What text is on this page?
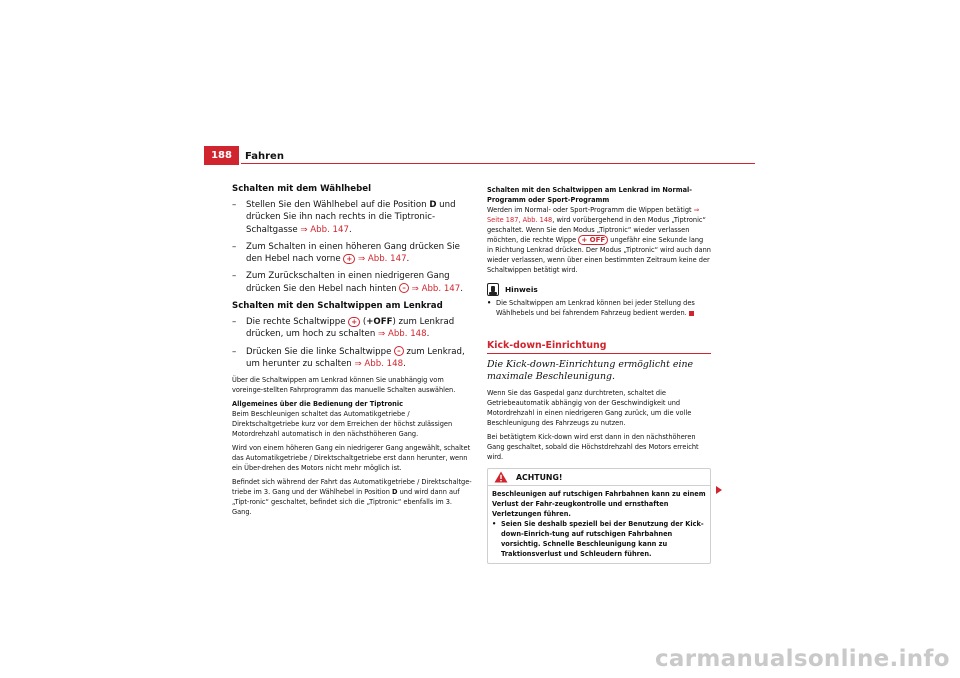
188	Fahren
Schalten mit dem Wählhebel
– Stellen Sie den Wählhebel auf die Position D und drücken Sie ihn nach rechts in die Tiptronic-Schaltgasse ⇒ Abb. 147.
– Zum Schalten in einen höheren Gang drücken Sie den Hebel nach vorne + ⇒ Abb. 147.
– Zum Zurückschalten in einen niedrigeren Gang drücken Sie den Hebel nach hinten – ⇒ Abb. 147.
Schalten mit den Schaltwippen am Lenkrad
– Die rechte Schaltwippe + (+OFF) zum Lenkrad drücken, um hoch zu schalten ⇒ Abb. 148.
– Drücken Sie die linke Schaltwippe – zum Lenkrad, um herunter zu schalten ⇒ Abb. 148.
Über die Schaltwippen am Lenkrad können Sie unabhängig vom voreinge-stellten Fahrprogramm das manuelle Schalten auswählen.
Allgemeines über die Bedienung der Tiptronic
Beim Beschleunigen schaltet das Automatikgetriebe / Direktschaltgetriebe kurz vor dem Erreichen der höchst zulässigen Motordrehzahl automatisch in den nächsthöheren Gang.
Wird von einem höheren Gang ein niedrigerer Gang angewählt, schaltet das Automatikgetriebe / Direktschaltgetriebe erst dann herunter, wenn ein Über-drehen des Motors nicht mehr möglich ist.
Befindet sich während der Fahrt das Automatikgetriebe / Direktschaltge-triebe im 3. Gang und der Wählhebel in Position D und wird dann auf „Tipt-ronic“ geschaltet, befindet sich die „Tiptronic“ ebenfalls im 3. Gang.
Schalten mit den Schaltwippen am Lenkrad im Normal-Programm oder Sport-Programm
Werden im Normal- oder Sport-Programm die Wippen betätigt ⇒ Seite 187, Abb. 148, wird vorübergehend in den Modus „Tiptronic“ geschaltet. Wenn Sie den Modus „Tiptronic“ wieder verlassen möchten, die rechte Wippe + OFF ungefähr eine Sekunde lang in Richtung Lenkrad drücken. Der Modus „Tiptronic“ wird auch dann wieder verlassen, wenn über einen bestimmten Zeitraum keine der Schaltwippen betätigt wird.
Hinweis
• Die Schaltwippen am Lenkrad können bei jeder Stellung des Wählhebels und bei fahrendem Fahrzeug bedient werden.
Kick-down-Einrichtung
Die Kick-down-Einrichtung ermöglicht eine maximale Beschleunigung.
Wenn Sie das Gaspedal ganz durchtreten, schaltet die Getriebeautomatik abhängig von der Geschwindigkeit und Motordrehzahl in einen niedrigeren Gang zurück, um die volle Beschleunigung des Fahrzeugs zu nutzen.
Bei betätigtem Kick-down wird erst dann in den nächsthöheren Gang geschaltet, sobald die Höchstdrehzahl des Motors erreicht wird.
ACHTUNG!
Beschleunigen auf rutschigen Fahrbahnen kann zu einem Verlust der Fahr-zeugkontrolle und ernsthaften Verletzungen führen.
• Seien Sie deshalb speziell bei der Benutzung der Kick-down-Einrich-tung auf rutschigen Fahrbahnen vorsichtig. Schnelle Beschleunigung kann zu Traktionsverlust und Schleudern führen.
carmanualsonline.info
